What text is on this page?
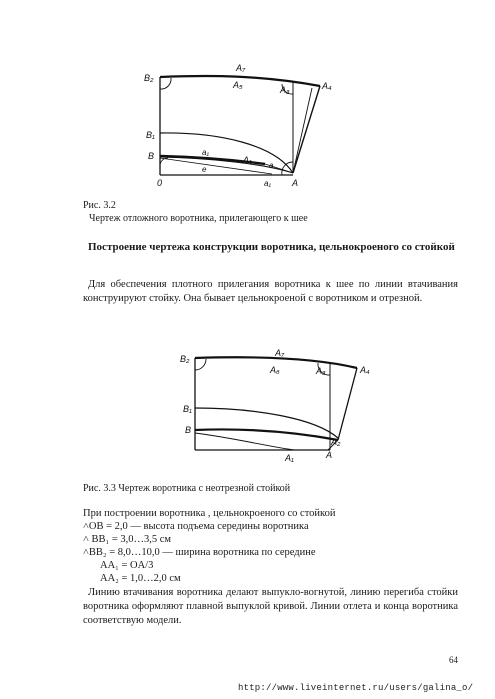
B₂
A₇
A₅	A₃	A₄
B₁
B	a₁
A₁
a
e
0	a₁ A
Рис. 3.2
Чертеж отложного воротника, прилегающего к шее
Построение чертежа конструкции воротника, цельнокроеного со стойкой
Для обеспечения плотного прилегания воротника к шее по линии втачивания конструируют стойку. Она бывает цельнокроеной с воротником и отрезной.
B₂
A₇
A₆	A₃	A₄
B₁
B
A₂
A₁	A
Рис. 3.3 Чертеж воротника с неотрезной стойкой
При построении воротника , цельнокроеного со стойкой
˄OB = 2,0 — высота подъема середины воротника
˄ BB₁ = 3,0…3,5 см
˄BB₂ = 8,0…10,0 — ширина воротника по середине
AA₁ = OA/3
AA₂ = 1,0…2,0 см
Линию втачивания воротника делают выпукло-вогнутой, линию перегиба стойки воротника оформляют плавной выпуклой кривой. Линии отлета и конца воротника соответствую модели.
64
http://www.liveinternet.ru/users/galina_o/
